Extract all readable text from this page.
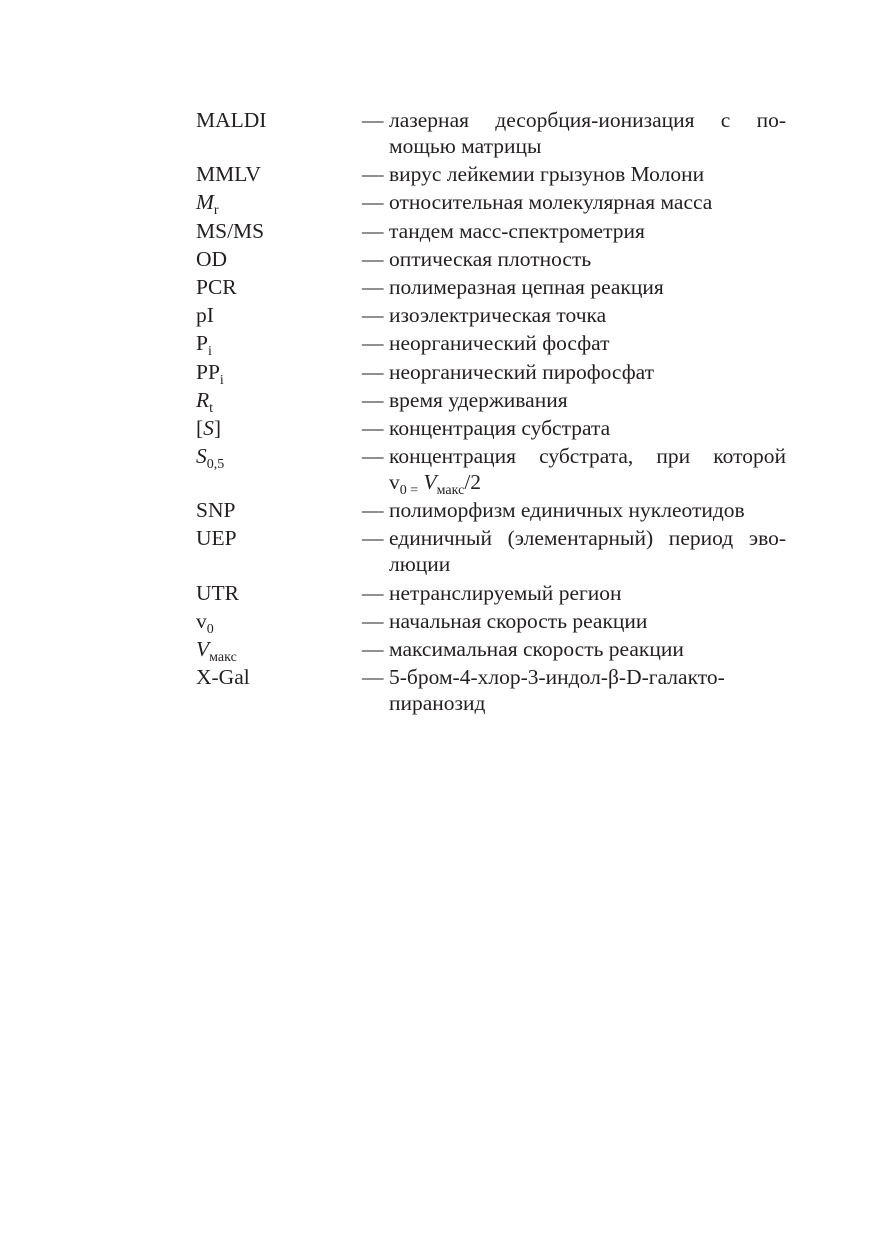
MALDI	— лазерная десорбция-ионизация с по-
мощью матрицы
MMLV	— вирус лейкемии грызунов Молони
$M_r$	— относительная молекулярная масса
MS/MS	— тандем масс-спектрометрия
OD	— оптическая плотность
PCR	— полимеразная цепная реакция
pI	— изоэлектрическая точка
$P_i$	— неорганический фосфат
$PP_i$	— неорганический пирофосфат
$R_t$	— время удерживания
[S]	— концентрация субстрата
$S_{0,5}$	— концентрация субстрата, при которой
$v_{0 =}$ $V_{макс}/2$
SNP	— полиморфизм единичных нуклеотидов
UEP	— единичный (элементарный) период эво-
люции
UTR	— нетранслируемый регион
$v_0$	— начальная скорость реакции
$V_{макс}$	— максимальная скорость реакции
X-Gal	— 5-бром-4-хлор-3-индол-β-D-галакто-
пиранозид
